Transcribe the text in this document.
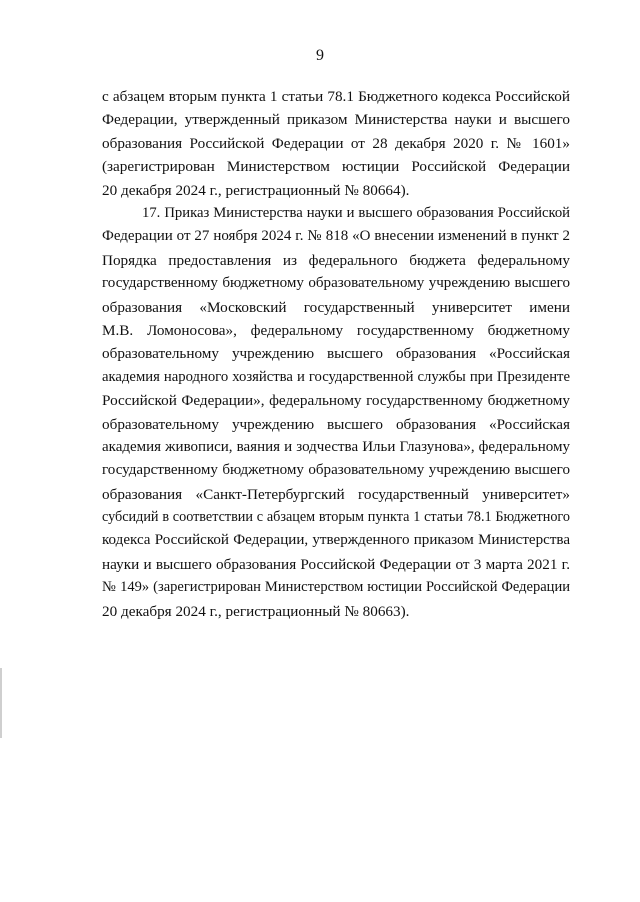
9
с абзацем вторым пункта 1 статьи 78.1 Бюджетного кодекса Российской
Федерации, утвержденный приказом Министерства науки и высшего
образования Российской Федерации от 28 декабря 2020 г. № 1601»
(зарегистрирован Министерством юстиции Российской Федерации
20 декабря 2024 г., регистрационный № 80664).
17. Приказ Министерства науки и высшего образования Российской
Федерации от 27 ноября 2024 г. № 818 «О внесении изменений в пункт 2
Порядка предоставления из федерального бюджета федеральному
государственному бюджетному образовательному учреждению высшего
образования «Московский государственный университет имени
М.В. Ломоносова», федеральному государственному бюджетному
образовательному учреждению высшего образования «Российская
академия народного хозяйства и государственной службы при Президенте
Российской Федерации», федеральному государственному бюджетному
образовательному учреждению высшего образования «Российская
академия живописи, ваяния и зодчества Ильи Глазунова», федеральному
государственному бюджетному образовательному учреждению высшего
образования «Санкт-Петербургский государственный университет»
субсидий в соответствии с абзацем вторым пункта 1 статьи 78.1 Бюджетного
кодекса Российской Федерации, утвержденного приказом Министерства
науки и высшего образования Российской Федерации от 3 марта 2021 г.
№ 149» (зарегистрирован Министерством юстиции Российской Федерации
20 декабря 2024 г., регистрационный № 80663).
